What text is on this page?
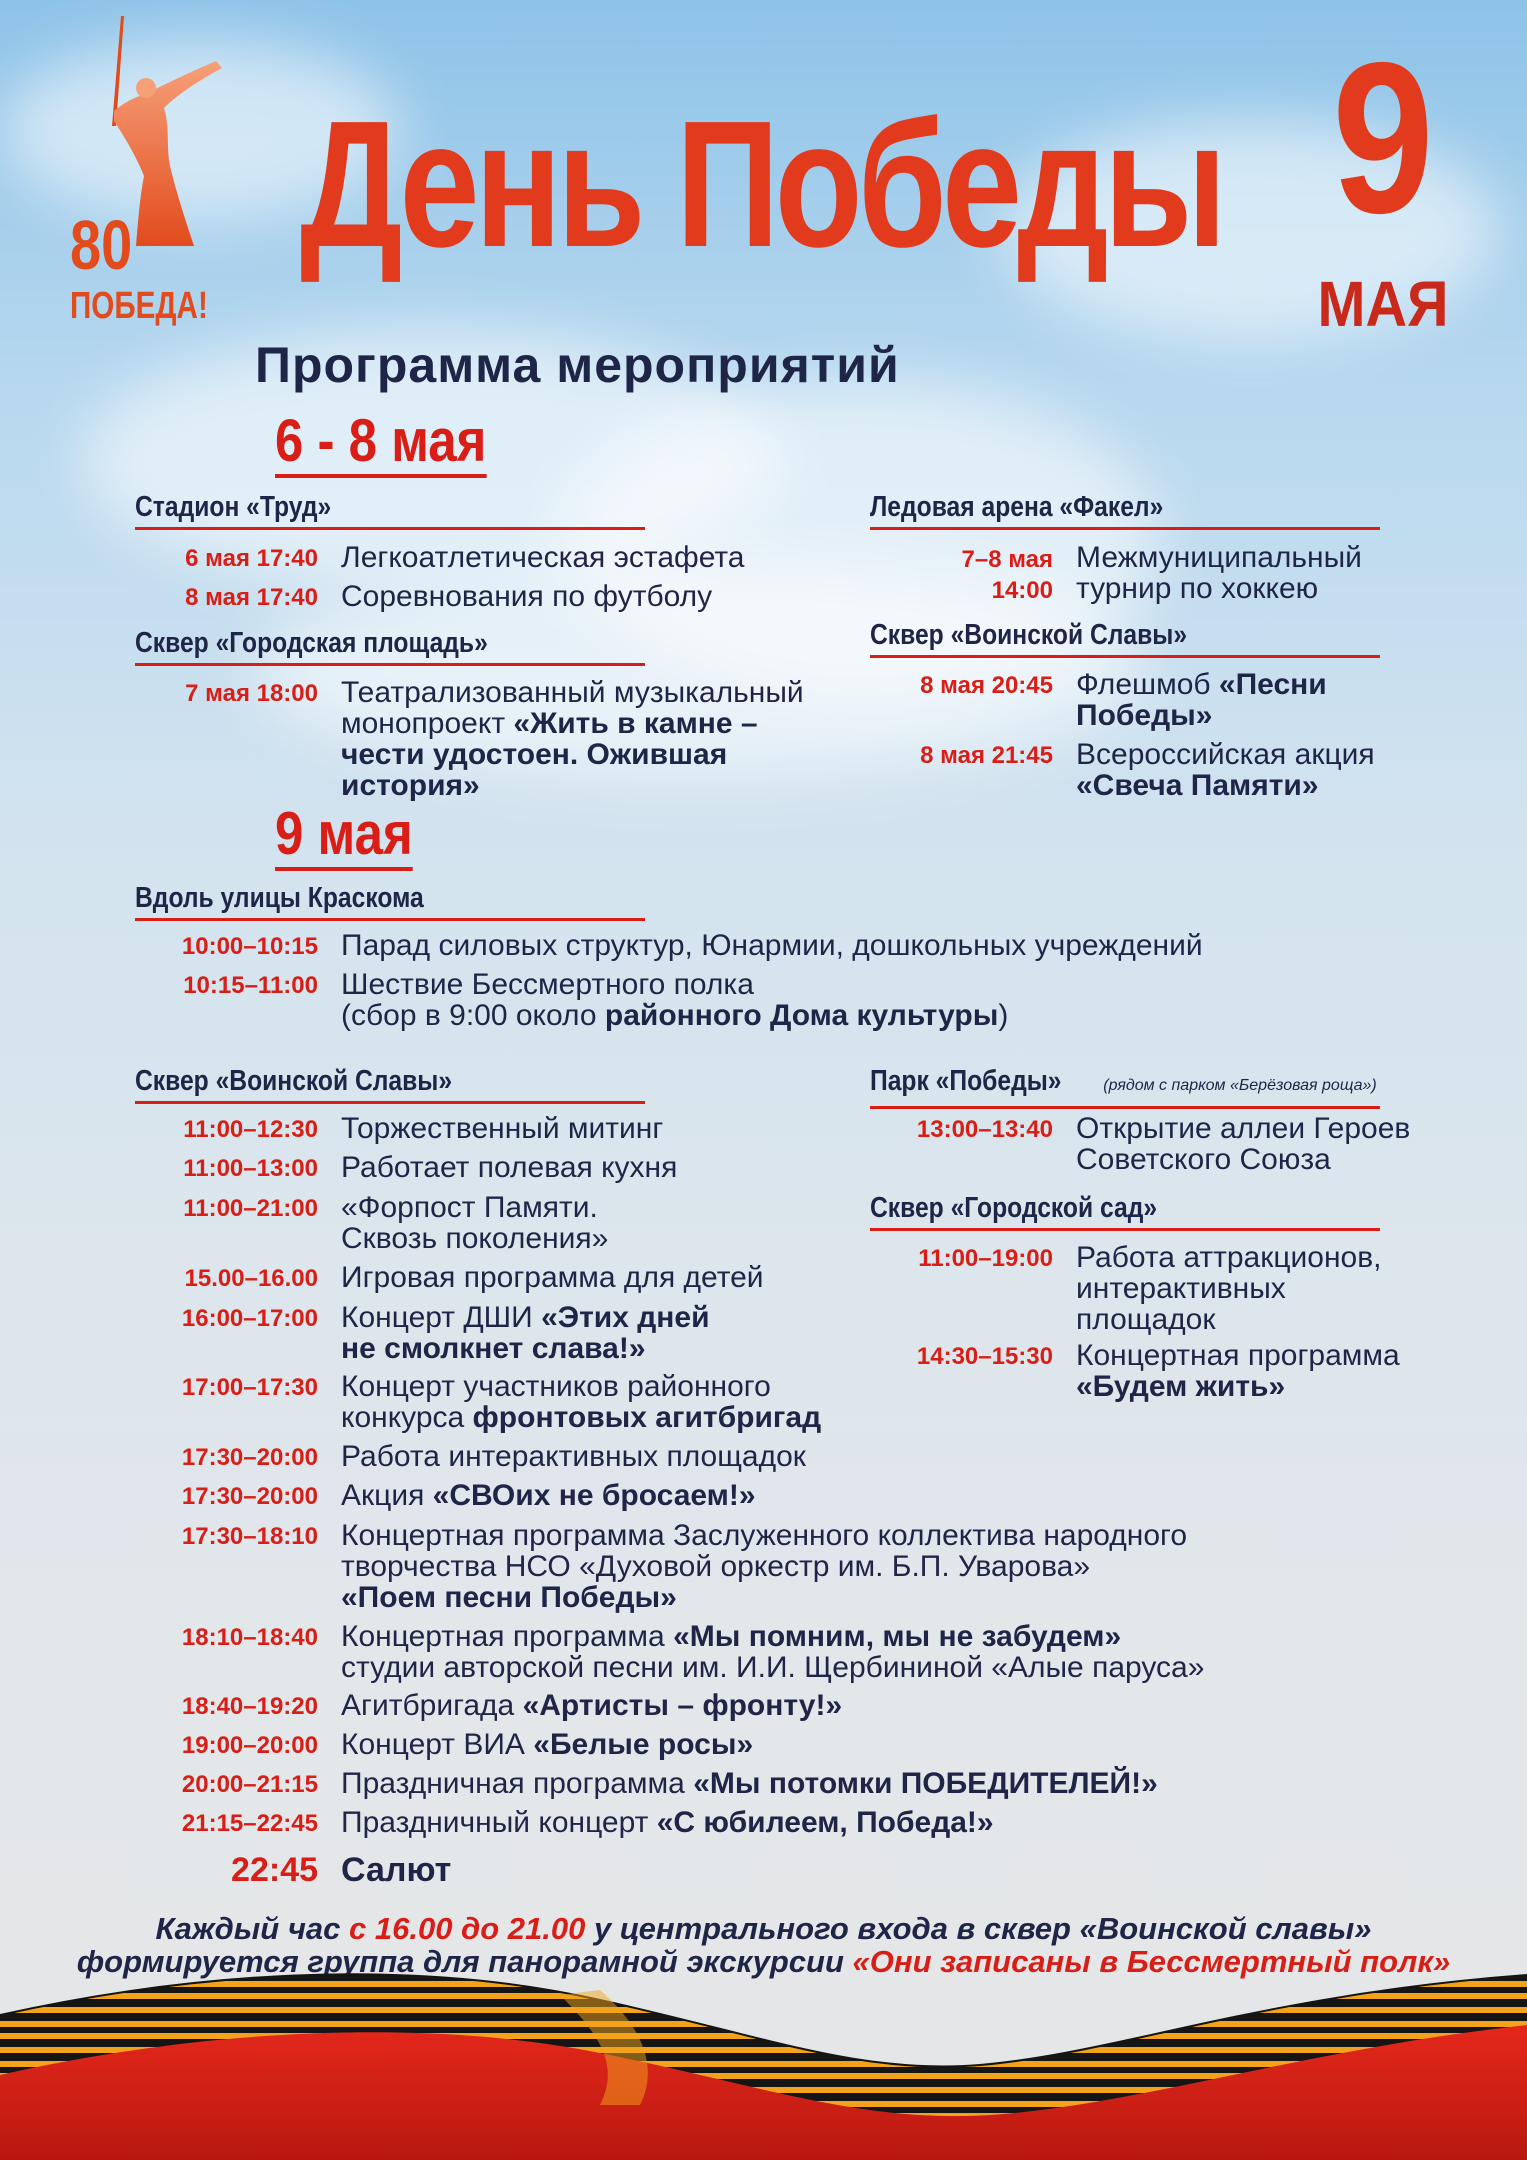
80
ПОБЕДА!
День Победы 9
МАЯ
Программа мероприятий
6 - 8 мая
Стадион «Труд»
6 мая 17:40 Легкоатлетическая эстафета
8 мая 17:40 Соревнования по футболу
Сквер «Городская площадь»
7 мая 18:00 Театрализованный музыкальный
монопроект «Жить в камне –
чести удостоен. Ожившая
история»
Ледовая арена «Факел»
7–8 мая
14:00
Межмуниципальный
турнир по хоккею
Сквер «Воинской Славы»
8 мая 20:45 Флешмоб «Песни
Победы»
8 мая 21:45 Всероссийская акция
«Свеча Памяти»
9 мая
Вдоль улицы Краскома
10:00–10:15 Парад силовых структур, Юнармии, дошкольных учреждений
10:15–11:00 Шествие Бессмертного полка
(сбор в 9:00 около районного Дома культуры)
Сквер «Воинской Славы»
11:00–12:30 Торжественный митинг
11:00–13:00 Работает полевая кухня
11:00–21:00 «Форпост Памяти.
Сквозь поколения»
15.00–16.00 Игровая программа для детей
16:00–17:00 Концерт ДШИ «Этих дней
не смолкнет слава!»
17:00–17:30 Концерт участников районного
конкурса фронтовых агитбригад
17:30–20:00 Работа интерактивных площадок
17:30–20:00 Акция «СВОих не бросаем!»
17:30–18:10 Концертная программа Заслуженного коллектива народного
творчества НСО «Духовой оркестр им. Б.П. Уварова»
«Поем песни Победы»
18:10–18:40 Концертная программа «Мы помним, мы не забудем»
студии авторской песни им. И.И. Щербининой «Алые паруса»
18:40–19:20 Агитбригада «Артисты – фронту!»
19:00–20:00 Концерт ВИА «Белые росы»
20:00–21:15 Праздничная программа «Мы потомки ПОБЕДИТЕЛЕЙ!»
21:15–22:45 Праздничный концерт «С юбилеем, Победа!»
22:45 Салют
Парк «Победы»	(рядом с парком «Берёзовая роща»)
13:00–13:40 Открытие аллеи Героев
Советского Союза
Сквер «Городской сад»
11:00–19:00 Работа аттракционов,
интерактивных
площадок
14:30–15:30 Концертная программа
«Будем жить»
Каждый час с 16.00 до 21.00 у центрального входа в сквер «Воинской славы»
формируется группа для панорамной экскурсии «Они записаны в Бессмертный полк»
